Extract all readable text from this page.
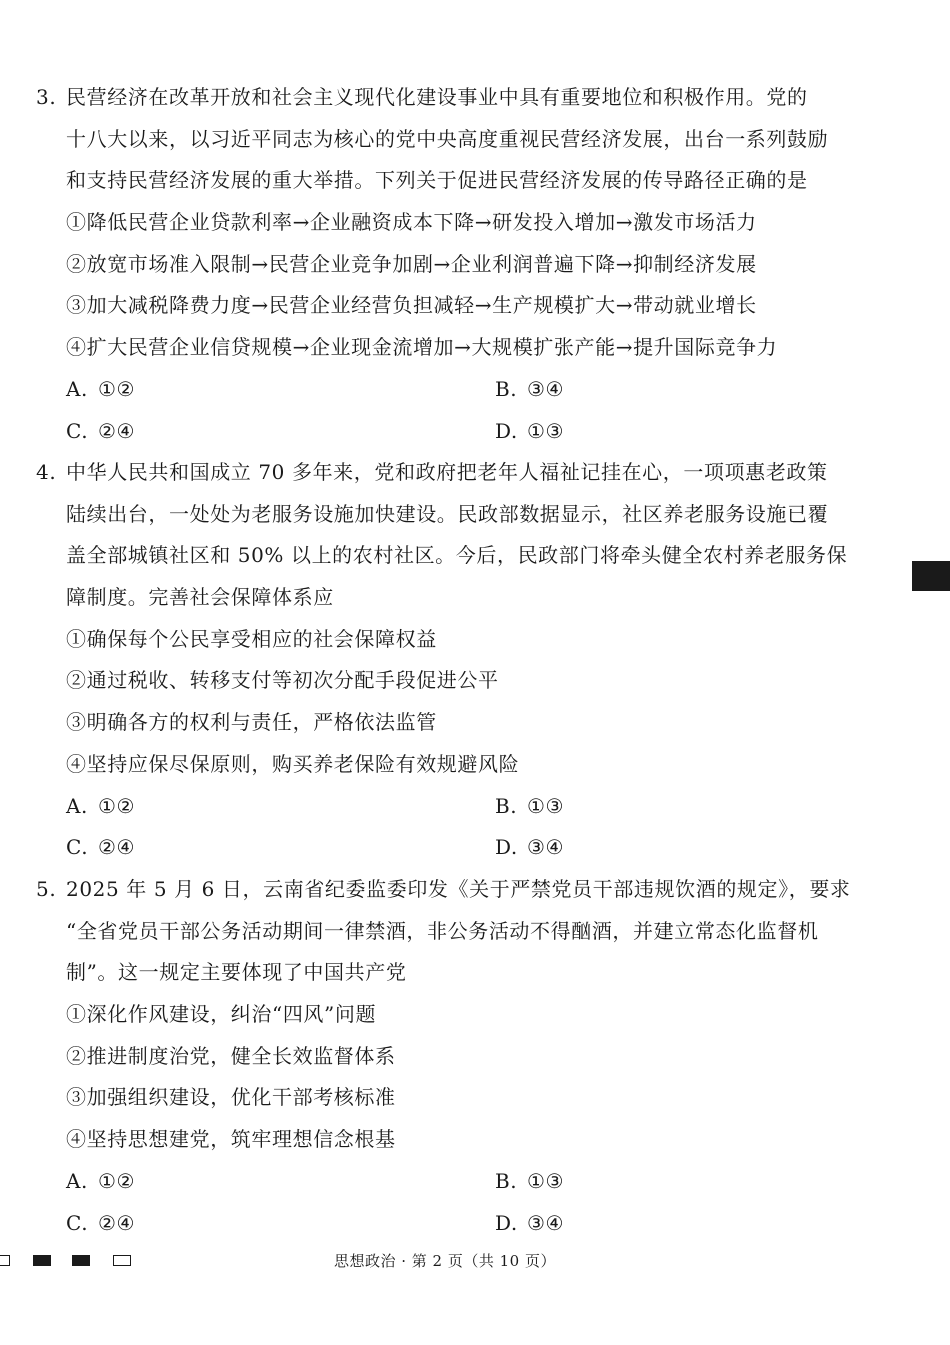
3. 民营经济在改革开放和社会主义现代化建设事业中具有重要地位和积极作用。党的
十八大以来，以习近平同志为核心的党中央高度重视民营经济发展，出台一系列鼓励
和支持民营经济发展的重大举措。下列关于促进民营经济发展的传导路径正确的是
①降低民营企业贷款利率→企业融资成本下降→研发投入增加→激发市场活力
②放宽市场准入限制→民营企业竞争加剧→企业利润普遍下降→抑制经济发展
③加大减税降费力度→民营企业经营负担减轻→生产规模扩大→带动就业增长
④扩大民营企业信贷规模→企业现金流增加→大规模扩张产能→提升国际竞争力
A. ①②	B. ③④
C. ②④	D. ①③
4. 中华人民共和国成立 70 多年来，党和政府把老年人福祉记挂在心，一项项惠老政策
陆续出台，一处处为老服务设施加快建设。民政部数据显示，社区养老服务设施已覆
盖全部城镇社区和 50% 以上的农村社区。今后，民政部门将牵头健全农村养老服务保
障制度。完善社会保障体系应
①确保每个公民享受相应的社会保障权益
②通过税收、转移支付等初次分配手段促进公平
③明确各方的权利与责任，严格依法监管
④坚持应保尽保原则，购买养老保险有效规避风险
A. ①②	B. ①③
C. ②④	D. ③④
5. 2025 年 5 月 6 日，云南省纪委监委印发《关于严禁党员干部违规饮酒的规定》，要求
“全省党员干部公务活动期间一律禁酒，非公务活动不得酗酒，并建立常态化监督机
制”。这一规定主要体现了中国共产党
①深化作风建设，纠治“四风”问题
②推进制度治党，健全长效监督体系
③加强组织建设，优化干部考核标准
④坚持思想建党，筑牢理想信念根基
A. ①②	B. ①③
C. ②④	D. ③④
思想政治 · 第 2 页（共 10 页）
